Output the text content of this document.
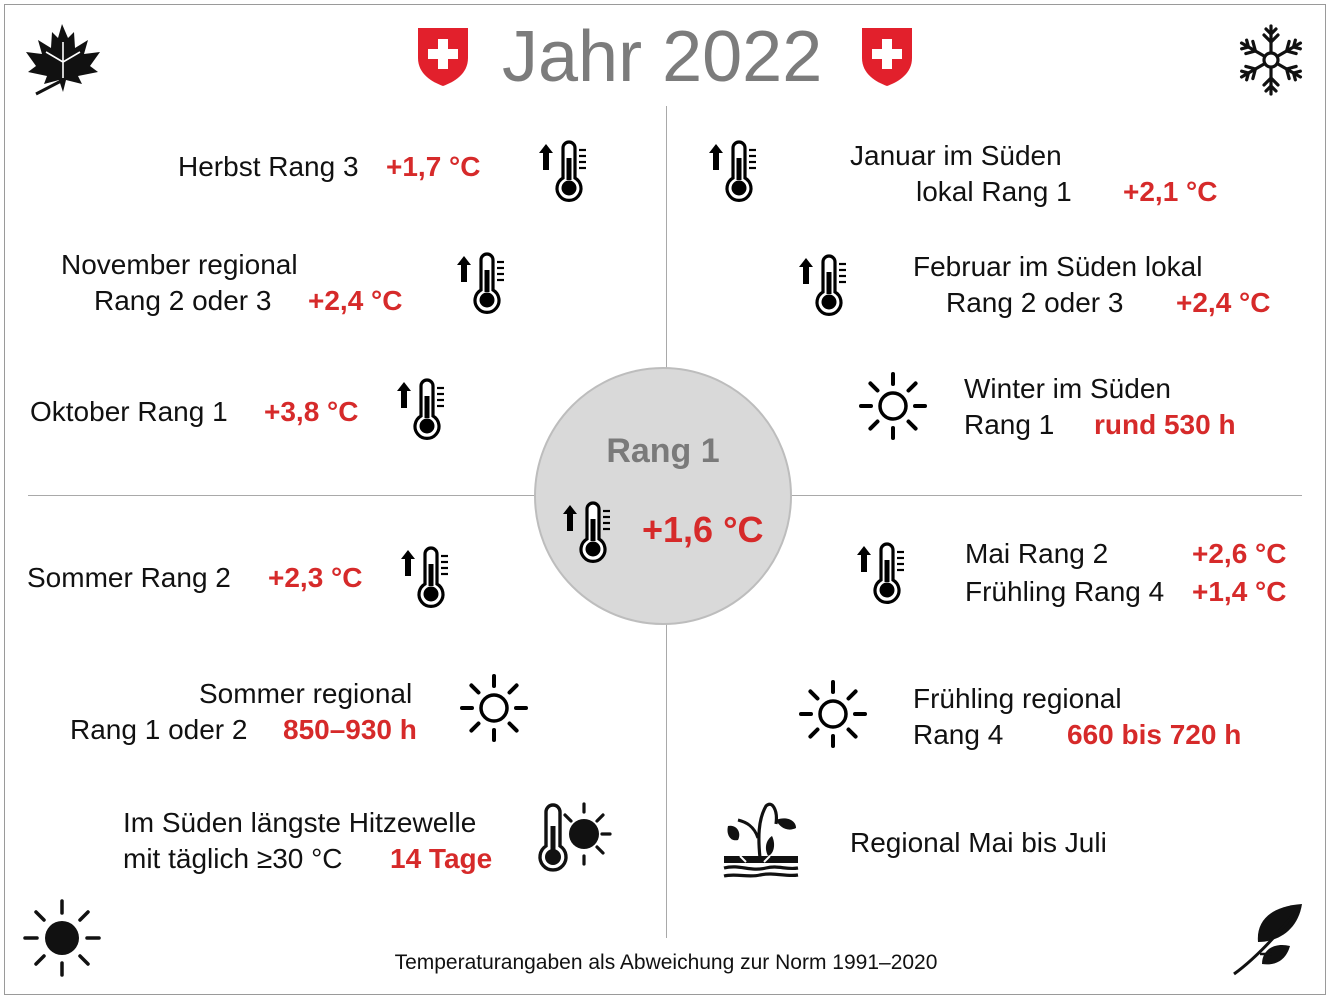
Jahr 2022
Rang 1
+1,6 °C
Herbst Rang 3 +1,7 °C
November regional
Rang 2 oder 3 +2,4 °C
Oktober Rang 1 +3,8 °C
Sommer Rang 2 +2,3 °C
Sommer regional
Rang 1 oder 2 850–930 h
Im Süden längste Hitzewelle
mit täglich ≥30 °C 14 Tage
Januar im Süden
lokal Rang 1 +2,1 °C
Februar im Süden lokal
Rang 2 oder 3 +2,4 °C
Winter im Süden
Rang 1 rund 530 h
Mai Rang 2	+2,6 °C
Frühling Rang 4 +1,4 °C
Frühling regional
Rang 4 660 bis 720 h
Regional Mai bis Juli
Temperaturangaben als Abweichung zur Norm 1991–2020
